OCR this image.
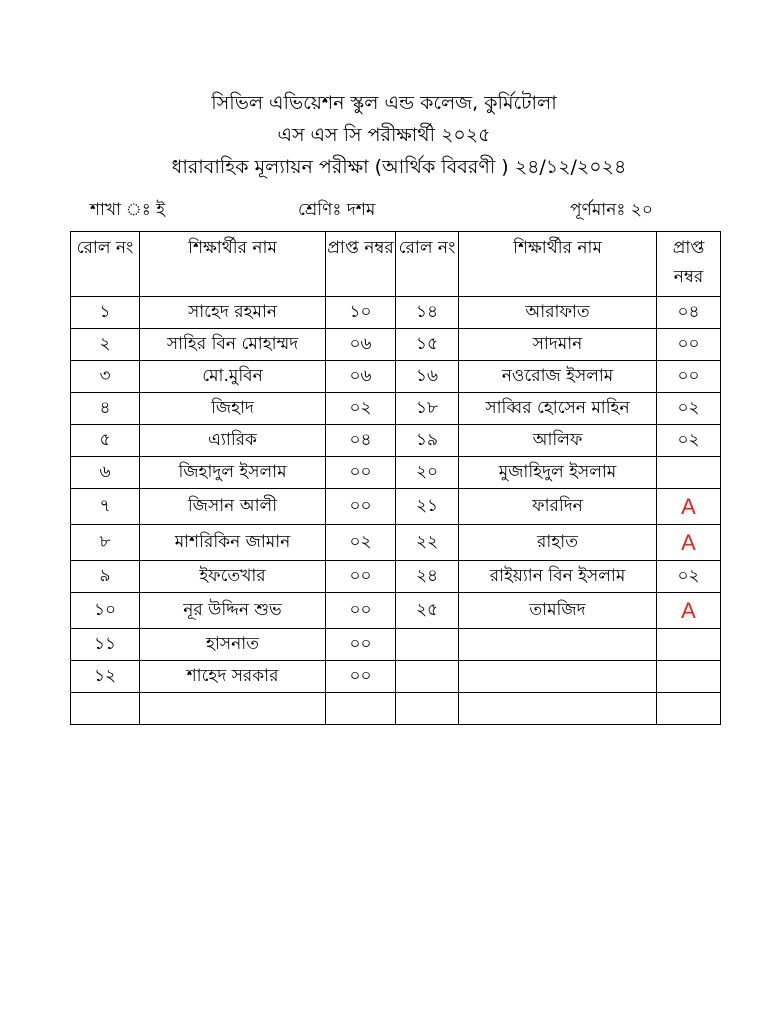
সিভিল এভিয়েশন স্কুল এন্ড কলেজ, কুর্মিটোলা
এস এস সি পরীক্ষার্থী ২০২৫
ধারাবাহিক মূল্যায়ন পরীক্ষা (আর্থিক বিবরণী ) ২৪/১২/২০২৪
শাখা ঃ ই	শ্রেণিঃ দশম	পূর্ণমানঃ ২০
রোল নং	শিক্ষার্থীর নাম	প্রাপ্ত নম্বর	রোল নং	শিক্ষার্থীর নাম	প্রাপ্ত নম্বর
১	সাহেদ রহমান	১০	১৪	আরাফাত	০৪
২	সাহির বিন মোহাম্মদ	০৬	১৫	সাদমান	০০
৩	মো.মুবিন	০৬	১৬	নওরোজ ইসলাম	০০
৪	জিহাদ	০২	১৮	সাব্বির হোসেন মাহিন	০২
৫	এ্যারিক	০৪	১৯	আলিফ	০২
৬	জিহাদুল ইসলাম	০০	২০	মুজাহিদুল ইসলাম	
৭	জিসান আলী	০০	২১	ফারদিন	A
৮	মাশরিকিন জামান	০২	২২	রাহাত	A
৯	ইফতেখার	০০	২৪	রাইয়্যান বিন ইসলাম	০২
১০	নূর উদ্দিন শুভ	০০	২৫	তামজিদ	A
১১	হাসনাত	০০			
১২	শাহেদ সরকার	০০			
